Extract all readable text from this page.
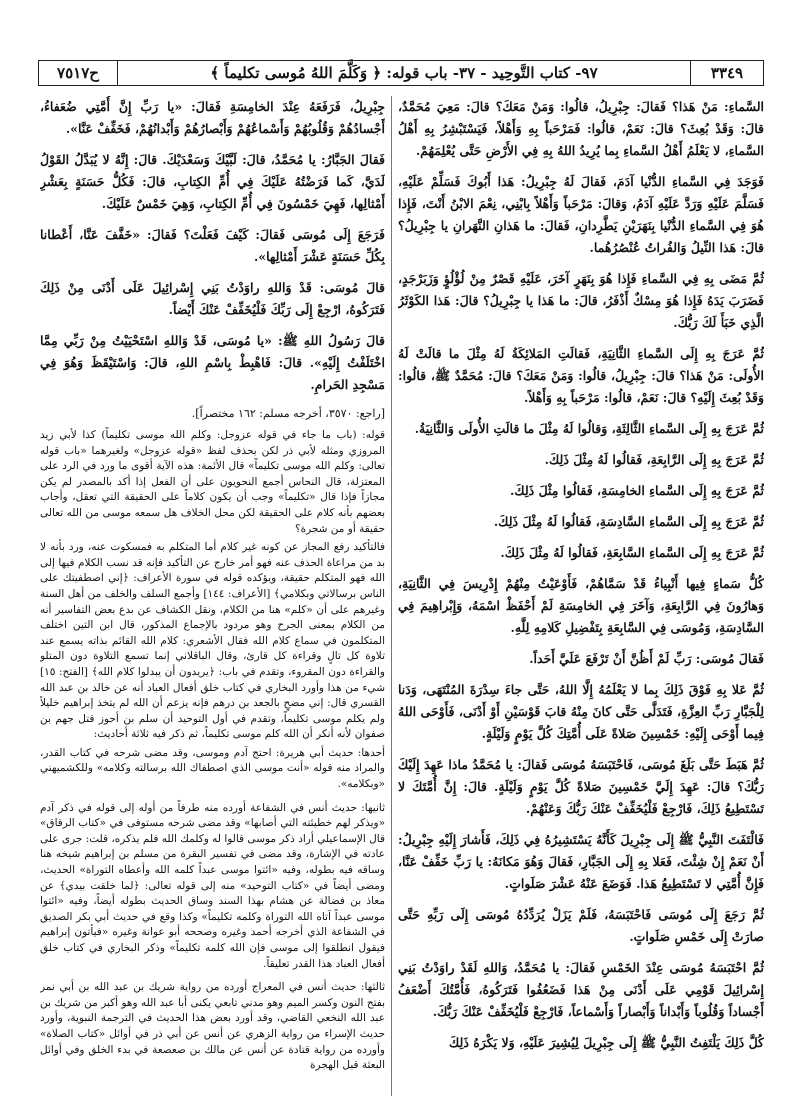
٣٣٤٩
٩٧- كتاب التَّوحِيد - ٣٧- باب قوله: ﴿ وَكَلَّمَ اللهُ مُوسى تكليماً ﴾
ح٧٥١٧

السَّماءِ: مَنْ هَذا؟ فَقالَ: جِبْرِيلُ، قالُوا: وَمَنْ مَعَكَ؟ قالَ: مَعِيَ مُحَمَّدٌ، قالَ: وَقَدْ بُعِثَ؟ قالَ: نَعَمْ، قالُوا: فَمَرْحَباً بِهِ وَأَهْلاً، فَيَسْتَبْشِرُ بِهِ أَهْلُ السَّماءِ، لا يَعْلَمُ أَهْلُ السَّماءِ بِما يُرِيدُ اللهُ بِهِ فِي الأَرْضِ حَتَّى يُعْلِمَهُمْ.

فَوَجَدَ فِي السَّماءِ الدُّنْيا آدَمَ، فَقالَ لَهُ جِبْرِيلُ: هَذا أَبُوكَ فَسَلِّمْ عَلَيْهِ، فَسَلَّمَ عَلَيْهِ وَرَدَّ عَلَيْهِ آدَمُ، وَقالَ: مَرْحَباً وَأَهْلاً بِابْنِي، نِعْمَ الابْنُ أَنْتَ، فَإِذا هُوَ فِي السَّماءِ الدُّنْيا بِنَهَرَيْنِ يَطَّرِدانِ، فَقالَ: ما هَذانِ النَّهَرانِ يا جِبْرِيلُ؟ قالَ: هَذا النِّيلُ وَالفُراتُ عُنْصُرُهُما.

ثُمَّ مَضَى بِهِ فِي السَّماءِ فَإِذا هُوَ بِنَهَرٍ آخَرَ، عَلَيْهِ قَصْرٌ مِنْ لُؤْلُؤٍ وَزَبَرْجَدٍ، فَضَرَبَ يَدَهُ فَإِذا هُوَ مِسْكٌ أَذْفَرُ، قالَ: ما هَذا يا جِبْرِيلُ؟ قالَ: هَذا الكَوْثَرُ الَّذِي خَبَأَ لَكَ رَبُّكَ.

ثُمَّ عَرَجَ بِهِ إِلَى السَّماءِ الثَّانِيَةِ، فَقالَتِ المَلائِكَةُ لَهُ مِثْلَ ما قالَتْ لَهُ الأُولَى: مَنْ هَذا؟ قالَ: جِبْرِيلُ، قالُوا: وَمَنْ مَعَكَ؟ قالَ: مُحَمَّدٌ ﷺ، قالُوا: وَقَدْ بُعِثَ إِلَيْهِ؟ قالَ: نَعَمْ، قالُوا: مَرْحَباً بِهِ وَأَهْلاً.

ثُمَّ عَرَجَ بِهِ إِلَى السَّماءِ الثَّالِثَةِ، وَقالُوا لَهُ مِثْلَ ما قالَتِ الأُولَى وَالثَّانِيَةُ.

ثُمَّ عَرَجَ بِهِ إِلَى الرَّابِعَةِ، فَقالُوا لَهُ مِثْلَ ذَلِكَ.

ثُمَّ عَرَجَ بِهِ إِلَى السَّماءِ الخامِسَةِ، فَقالُوا مِثْلَ ذَلِكَ.

ثُمَّ عَرَجَ بِهِ إِلَى السَّماءِ السَّادِسَةِ، فَقالُوا لَهُ مِثْلَ ذَلِكَ.

ثُمَّ عَرَجَ بِهِ إِلَى السَّماءِ السَّابِعَةِ، فَقالُوا لَهُ مِثْلَ ذَلِكَ.

كُلُّ سَماءٍ فِيها أَنْبِياءُ قَدْ سَمَّاهُمْ، فَأَوْعَيْتُ مِنْهُمْ إِدْرِيسَ فِي الثَّانِيَةِ، وَهارُونَ فِي الرَّابِعَةِ، وَآخَرَ فِي الخامِسَةِ لَمْ أَحْفَظْ اسْمَهُ، وَإِبْراهِيمَ فِي السَّادِسَةِ، وَمُوسَى فِي السَّابِعَةِ بِتَفْضِيلِ كَلامِهِ لِلَّهِ.

فَقالَ مُوسَى: رَبِّ لَمْ أَظُنَّ أَنْ تَرْفَعَ عَلَيَّ أَحَداً.

ثُمَّ عَلا بِهِ فَوْقَ ذَلِكَ بِما لا يَعْلَمُهُ إِلَّا اللهُ، حَتَّى جاءَ سِدْرَةَ المُنْتَهَى، وَدَنا لِلْجَبَّارِ رَبِّ العِزَّةِ، فَتَدَلَّى حَتَّى كانَ مِنْهُ قابَ قَوْسَيْنِ أَوْ أَدْنَى، فَأَوْحَى اللهُ فِيما أَوْحَى إِلَيْهِ: خَمْسِينَ صَلاةً عَلَى أُمَّتِكَ كُلَّ يَوْمٍ وَلَيْلَةٍ.

ثُمَّ هَبَطَ حَتَّى بَلَغَ مُوسَى، فَاحْتَبَسَهُ مُوسَى فَقالَ: يا مُحَمَّدُ ماذا عَهِدَ إِلَيْكَ رَبُّكَ؟ قالَ: عَهِدَ إِلَيَّ خَمْسِينَ صَلاةً كُلَّ يَوْمٍ وَلَيْلَةٍ. قالَ: إِنَّ أُمَّتَكَ لا تَسْتَطِيعُ ذَلِكَ، فَارْجِعْ فَلْيُخَفِّفْ عَنْكَ رَبُّكَ وَعَنْهُمْ.

فَالْتَفَتَ النَّبِيُّ ﷺ إِلَى جِبْرِيلَ كَأَنَّهُ يَسْتَشِيرُهُ فِي ذَلِكَ، فَأَشارَ إِلَيْهِ جِبْرِيلُ: أَنْ نَعَمْ إِنْ شِئْتَ، فَعَلا بِهِ إِلَى الجَبَّارِ، فَقالَ وَهُوَ مَكانَهُ: يا رَبِّ خَفِّفْ عَنَّا، فَإِنَّ أُمَّتِي لا تَسْتَطِيعُ هَذا. فَوَضَعَ عَنْهُ عَشْرَ صَلَواتٍ.

ثُمَّ رَجَعَ إِلَى مُوسَى فَاحْتَبَسَهُ، فَلَمْ يَزَلْ يُرَدِّدُهُ مُوسَى إِلَى رَبِّهِ حَتَّى صارَتْ إِلَى خَمْسِ صَلَواتٍ.

ثُمَّ احْتَبَسَهُ مُوسَى عِنْدَ الخَمْسِ فَقالَ: يا مُحَمَّدُ، وَاللهِ لَقَدْ راوَدْتُ بَنِي إِسْرائِيلَ قَوْمِي عَلَى أَدْنَى مِنْ هَذا فَضَعُفُوا فَتَرَكُوهُ، فَأُمَّتُكَ أَضْعَفُ أَجْساداً وَقُلُوباً وَأَبْداناً وَأَبْصاراً وَأَسْماعاً، فَارْجِعْ فَلْيُخَفِّفْ عَنْكَ رَبُّكَ.

كُلَّ ذَلِكَ يَلْتَفِتُ النَّبِيُّ ﷺ إِلَى جِبْرِيلَ لِيُشِيرَ عَلَيْهِ، وَلا يَكْرَهُ ذَلِكَ

جِبْرِيلُ، فَرَفَعَهُ عِنْدَ الخامِسَةِ فَقالَ: «يا رَبِّ إِنَّ أُمَّتِي ضُعَفاءُ، أَجْسادُهُمْ وَقُلُوبُهُمْ وَأَسْماعُهُمْ وَأَبْصارُهُمْ وَأَبْدانُهُمْ، فَخَفِّفْ عَنَّا».

فَقالَ الجَبَّارُ: يا مُحَمَّدُ، قالَ: لَبَّيْكَ وَسَعْدَيْكَ. قالَ: إِنَّهُ لا يُبَدَّلُ القَوْلُ لَدَيَّ، كَما فَرَضْتُهُ عَلَيْكَ فِي أُمِّ الكِتابِ، قالَ: فَكُلُّ حَسَنَةٍ بِعَشْرِ أَمْثالِها، فَهِيَ خَمْسُونَ فِي أُمِّ الكِتابِ، وَهِيَ خَمْسٌ عَلَيْكَ.

فَرَجَعَ إِلَى مُوسَى فَقالَ: كَيْفَ فَعَلْتَ؟ فَقالَ: «خَفَّفَ عَنَّا، أَعْطانا بِكُلِّ حَسَنَةٍ عَشْرَ أَمْثالِها».

قالَ مُوسَى: قَدْ وَاللهِ راوَدْتُ بَنِي إِسْرائِيلَ عَلَى أَدْنَى مِنْ ذَلِكَ فَتَرَكُوهُ، ارْجِعْ إِلَى رَبِّكَ فَلْيُخَفِّفْ عَنْكَ أَيْضاً.

قالَ رَسُولُ اللهِ ﷺ: «يا مُوسَى، قَدْ وَاللهِ اسْتَحْيَيْتُ مِنْ رَبِّي مِمَّا اخْتَلَفْتُ إِلَيْهِ». قالَ: فَاهْبِطْ بِاسْمِ اللهِ، قالَ: وَاسْتَيْقَظَ وَهُوَ فِي مَسْجِدِ الحَرامِ.

[راجع: ٣٥٧٠، أخرجه مسلم: ١٦٢ مختصراً].

قوله: (باب ما جاء في قوله عزوجل: وكلم الله موسى تكليماً) كذا لأبي زيد المروزي ومثله لأبي ذر لكن بحذف لفظ «قوله عزوجل» ولغيرهما «باب قوله تعالى: وكلم الله موسى تكليماً» قال الأئمة: هذه الآية أقوى ما ورد في الرد على المعتزلة، قال النحاس أجمع النحويون على أن الفعل إذا أكد بالمصدر لم يكن مجازاً فإذا قال «تكليماً» وجب أن يكون كلاماً على الحقيقة التي تعقل، وأجاب بعضهم بأنه كلام على الحقيقة لكن محل الخلاف هل سمعه موسى من الله تعالى حقيقة أو من شجرة؟

فالتأكيد رفع المجاز عن كونه غير كلام أما المتكلم به فمسكوت عنه، ورد بأنه لا بد من مراعاة الحذف عنه فهو أمر خارج عن التأكيد فإنه قد نسب الكلام فيها إلى الله فهو المتكلم حقيقة، ويؤكده قوله في سورة الأعراف: ﴿إني اصطفيتك على الناس برسالاتي وبكلامي﴾ [الأعراف: ١٤٤] وأجمع السلف والخلف من أهل السنة وغيرهم على أن «كلم» هنا من الكلام، ونقل الكشاف عن بدع بعض التفاسير أنه من الكلام بمعنى الجرح وهو مردود بالإجماع المذكور، قال ابن التين اختلف المتكلمون في سماع كلام الله فقال الأشعري: كلام الله القائم بذاته يسمع عند تلاوة كل تالٍ وقراءة كل قارئ، وقال الباقلاني إنما تسمع التلاوة دون المتلو والقراءة دون المقروء، وتقدم في باب: ﴿يريدون أن يبدلوا كلام الله﴾ [الفتح: ١٥] شيء من هذا وأورد البخاري في كتاب خلق أفعال العباد أنه عن خالد بن عبد الله القسري قال: إني مضحٍ بالجعد بن درهم فإنه يزعم أن الله لم يتخذ إبراهيم خليلاً ولم يكلم موسى تكليماً، وتقدم في أول التوحيد أن سلم بن أحوز قتل جهم بن صفوان لأنه أنكر أن الله كلم موسى تكليماً، ثم ذكر فيه ثلاثة أحاديث:

أحدها: حديث أبي هريرة: احتج آدم وموسى، وقد مضى شرحه في كتاب القدر، والمراد منه قوله «أنت موسى الذي اصطفاك الله برسالته وكلامه» وللكشميهني «وبكلامه».

ثانيها: حديث أنس في الشفاعة أورده منه طرفاً من أوله إلى قوله في ذكر آدم «ويذكر لهم خطيئته التي أصابها» وقد مضى شرحه مستوفى في «كتاب الرقاق» قال الإسماعيلي أراد ذكر موسى قالوا له وكلمك الله فلم يذكره، قلت: جرى على عادته في الإشارة، وقد مضى في تفسير البقرة من مسلم بن إبراهيم شيخه هنا وساقه فيه بطوله، وفيه «ائتوا موسى عبداً كلمه الله وأعطاه التوراة» الحديث، ومضى أيضاً في «كتاب التوحيد» منه إلى قوله تعالى: ﴿لما خلقت بيدي﴾ عن معاذ بن فضالة عن هشام بهذا السند وساق الحديث بطوله أيضاً، وفيه «ائتوا موسى عبداً آتاه الله التوراة وكلمه تكليماً» وكذا وقع في حديث أبي بكر الصديق في الشفاعة الذي أخرجه أحمد وغيره وصححه أبو عوانة وغيره «فيأتون إبراهيم فيقول انطلقوا إلى موسى فإن الله كلمه تكليماً» وذكر البخاري في كتاب خلق أفعال العباد هذا القدر تعليقاً.

ثالثها: حديث أنس في المعراج أورده من رواية شريك بن عبد الله بن أبي نمر بفتح النون وكسر الميم وهو مدني تابعي يكنى أبا عبد الله وهو أكبر من شريك بن عبد الله النخعي القاضي، وقد أورد بعض هذا الحديث في الترجمة النبوية، وأورد حديث الإسراء من رواية الزهري عن أنس عن أبي ذر في أوائل «كتاب الصلاة» وأورده من رواية قتادة عن أنس عن مالك بن صعصعة في بدء الخلق وفي أوائل البعثة قبل الهجرة
